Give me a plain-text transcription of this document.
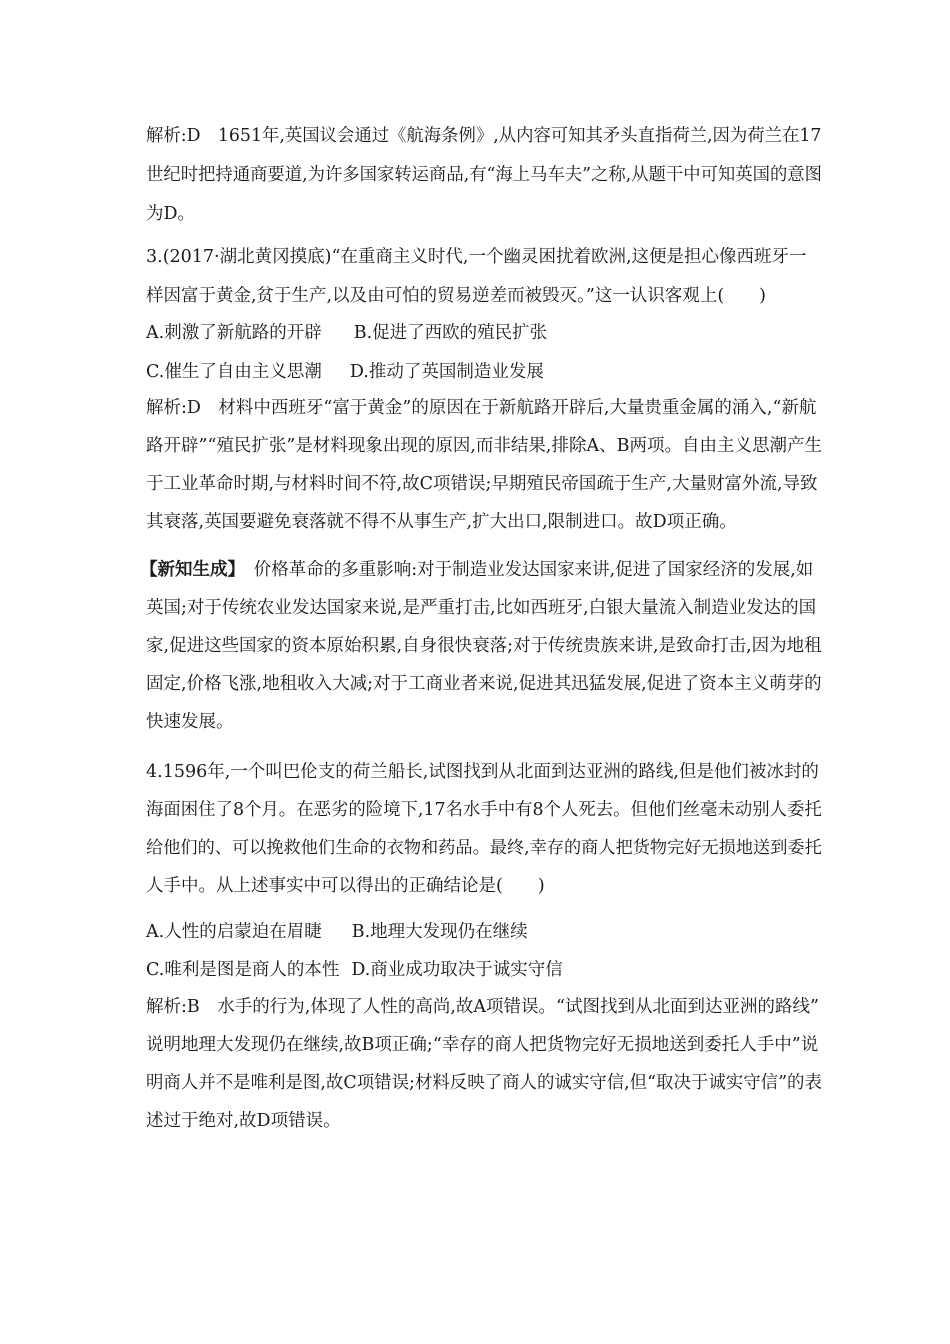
解析:D　1651年,英国议会通过《航海条例》,从内容可知其矛头直指荷兰,因为荷兰在17
世纪时把持通商要道,为许多国家转运商品,有“海上马车夫”之称,从题干中可知英国的意图
为D。
3.(2017·湖北黄冈摸底)“在重商主义时代,一个幽灵困扰着欧洲,这便是担心像西班牙一
样因富于黄金,贫于生产,以及由可怕的贸易逆差而被毁灭。”这一认识客观上(　　)
A.刺激了新航路的开辟 B.促进了西欧的殖民扩张
C.催生了自由主义思潮 D.推动了英国制造业发展
解析:D　材料中西班牙“富于黄金”的原因在于新航路开辟后,大量贵重金属的涌入,“新航
路开辟”“殖民扩张”是材料现象出现的原因,而非结果,排除A、B两项。自由主义思潮产生
于工业革命时期,与材料时间不符,故C项错误;早期殖民帝国疏于生产,大量财富外流,导致
其衰落,英国要避免衰落就不得不从事生产,扩大出口,限制进口。故D项正确。
【新知生成】　价格革命的多重影响:对于制造业发达国家来讲,促进了国家经济的发展,如
英国;对于传统农业发达国家来说,是严重打击,比如西班牙,白银大量流入制造业发达的国
家,促进这些国家的资本原始积累,自身很快衰落;对于传统贵族来讲,是致命打击,因为地租
固定,价格飞涨,地租收入大减;对于工商业者来说,促进其迅猛发展,促进了资本主义萌芽的
快速发展。
4.1596年,一个叫巴伦支的荷兰船长,试图找到从北面到达亚洲的路线,但是他们被冰封的
海面困住了8个月。在恶劣的险境下,17名水手中有8个人死去。但他们丝毫未动别人委托
给他们的、可以挽救他们生命的衣物和药品。最终,幸存的商人把货物完好无损地送到委托
人手中。从上述事实中可以得出的正确结论是(　　)
A.人性的启蒙迫在眉睫 B.地理大发现仍在继续
C.唯利是图是商人的本性 D.商业成功取决于诚实守信
解析:B　水手的行为,体现了人性的高尚,故A项错误。“试图找到从北面到达亚洲的路线”
说明地理大发现仍在继续,故B项正确;“幸存的商人把货物完好无损地送到委托人手中”说
明商人并不是唯利是图,故C项错误;材料反映了商人的诚实守信,但“取决于诚实守信”的表
述过于绝对,故D项错误。
